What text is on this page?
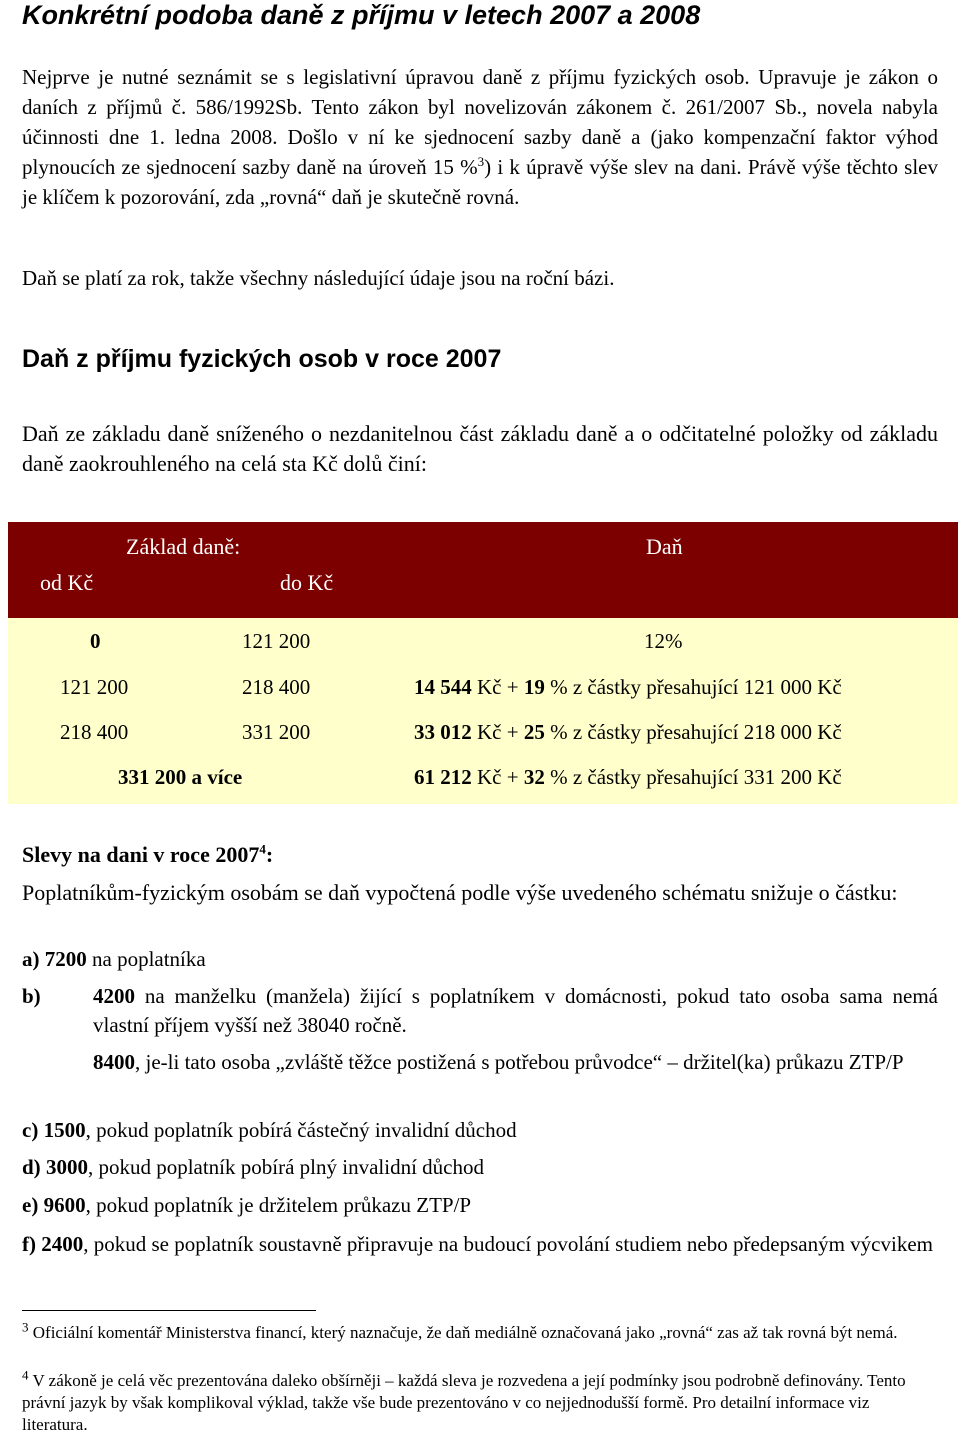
Konkrétní podoba daně z příjmu v letech 2007 a 2008
Nejprve je nutné seznámit se s legislativní úpravou daně z příjmu fyzických osob. Upravuje je zákon o daních z příjmů č. 586/1992Sb. Tento zákon byl novelizován zákonem č. 261/2007 Sb., novela nabyla účinnosti dne 1. ledna 2008. Došlo v ní ke sjednocení sazby daně a (jako kompenzační faktor výhod plynoucích ze sjednocení sazby daně na úroveň 15 %$^3$) i k úpravě výše slev na dani. Právě výše těchto slev je klíčem k pozorování, zda „rovná“ daň je skutečně rovná.
Daň se platí za rok, takže všechny následující údaje jsou na roční bázi.
Daň z příjmu fyzických osob v roce 2007
Daň ze základu daně sníženého o nezdanitelnou část základu daně a o odčitatelné položky od základu daně zaokrouhleného na celá sta Kč dolů činí:
Základ daně:
od Kč	do Kč
Daň
0	121 200	12%
121 200	218 400	14 544 Kč + 19 % z částky přesahující 121 000 Kč
218 400	331 200	33 012 Kč + 25 % z částky přesahující 218 000 Kč
331 200 a více	61 212 Kč + 32 % z částky přesahující 331 200 Kč
Slevy na dani v roce 2007$^4$:
Poplatníkům-fyzickým osobám se daň vypočtená podle výše uvedeného schématu snižuje o částku:
a) 7200 na poplatníka
b) 4200 na manželku (manžela) žijící s poplatníkem v domácnosti, pokud tato osoba sama nemá vlastní příjem vyšší než 38040 ročně.
8400, je-li tato osoba „zvláště těžce postižená s potřebou průvodce“ – držitel(ka) průkazu ZTP/P
c) 1500, pokud poplatník pobírá částečný invalidní důchod
d) 3000, pokud poplatník pobírá plný invalidní důchod
e) 9600, pokud poplatník je držitelem průkazu ZTP/P
f) 2400, pokud se poplatník soustavně připravuje na budoucí povolání studiem nebo předepsaným výcvikem
$^3$ Oficiální komentář Ministerstva financí, který naznačuje, že daň mediálně označovaná jako „rovná“ zas až tak rovná být nemá.
$^4$ V zákoně je celá věc prezentována daleko obšírněji – každá sleva je rozvedena a její podmínky jsou podrobně definovány. Tento právní jazyk by však komplikoval výklad, takže vše bude prezentováno v co nejjednodušší formě. Pro detailní informace viz literatura.
